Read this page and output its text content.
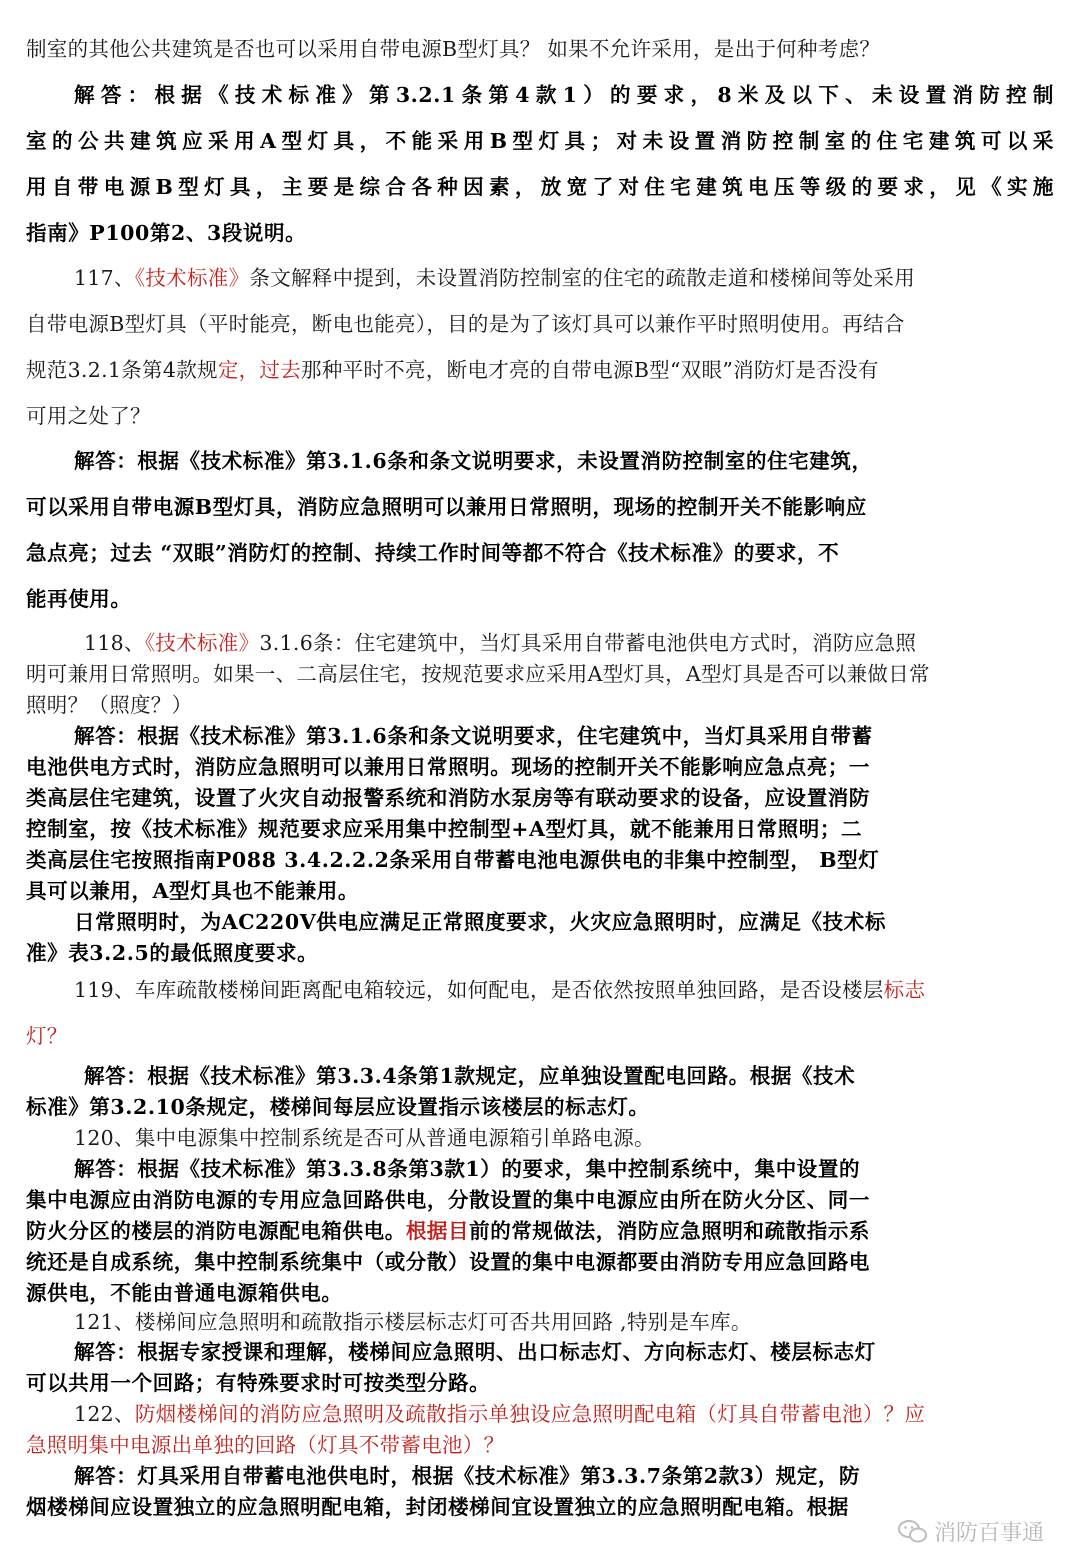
制室的其他公共建筑是否也可以采用自带电源B型灯具？ 如果不允许采用，是出于何种考虑？
解答：根据《技术标准》第3.2.1条第4款1）的要求，8米及以下、未设置消防控制
室的公共建筑应采用A型灯具，不能采用B型灯具；对未设置消防控制室的住宅建筑可以采
用自带电源B型灯具，主要是综合各种因素，放宽了对住宅建筑电压等级的要求，见《实施
指南》P100第2、3段说明。
117、《技术标准》条文解释中提到，未设置消防控制室的住宅的疏散走道和楼梯间等处采用
自带电源B型灯具（平时能亮，断电也能亮），目的是为了该灯具可以兼作平时照明使用。再结合
规范3.2.1条第4款规定，过去那种平时不亮，断电才亮的自带电源B型“双眼”消防灯是否没有
可用之处了？
解答：根据《技术标准》第3.1.6条和条文说明要求，未设置消防控制室的住宅建筑，
可以采用自带电源B型灯具，消防应急照明可以兼用日常照明，现场的控制开关不能影响应
急点亮；过去 “双眼”消防灯的控制、持续工作时间等都不符合《技术标准》的要求，不
能再使用。
118、《技术标准》3.1.6条：住宅建筑中，当灯具采用自带蓄电池供电方式时，消防应急照
明可兼用日常照明。如果一、二高层住宅，按规范要求应采用A型灯具，A型灯具是否可以兼做日常
照明？（照度？）
解答：根据《技术标准》第3.1.6条和条文说明要求，住宅建筑中，当灯具采用自带蓄
电池供电方式时，消防应急照明可以兼用日常照明。现场的控制开关不能影响应急点亮；一
类高层住宅建筑，设置了火灾自动报警系统和消防水泵房等有联动要求的设备，应设置消防
控制室，按《技术标准》规范要求应采用集中控制型+A型灯具，就不能兼用日常照明；二
类高层住宅按照指南P088 3.4.2.2.2条采用自带蓄电池电源供电的非集中控制型， B型灯
具可以兼用，A型灯具也不能兼用。
日常照明时，为AC220V供电应满足正常照度要求，火灾应急照明时，应满足《技术标
准》表3.2.5的最低照度要求。
119、车库疏散楼梯间距离配电箱较远，如何配电，是否依然按照单独回路，是否设楼层标志
灯？
解答：根据《技术标准》第3.3.4条第1款规定，应单独设置配电回路。根据《技术
标准》第3.2.10条规定，楼梯间每层应设置指示该楼层的标志灯。
120、集中电源集中控制系统是否可从普通电源箱引单路电源。
解答：根据《技术标准》第3.3.8条第3款1）的要求，集中控制系统中，集中设置的
集中电源应由消防电源的专用应急回路供电，分散设置的集中电源应由所在防火分区、同一
防火分区的楼层的消防电源配电箱供电。根据目前的常规做法，消防应急照明和疏散指示系
统还是自成系统，集中控制系统集中（或分散）设置的集中电源都要由消防专用应急回路电
源供电，不能由普通电源箱供电。
121、楼梯间应急照明和疏散指示楼层标志灯可否共用回路 ,特别是车库。
解答：根据专家授课和理解，楼梯间应急照明、出口标志灯、方向标志灯、楼层标志灯
可以共用一个回路；有特殊要求时可按类型分路。
122、防烟楼梯间的消防应急照明及疏散指示单独设应急照明配电箱（灯具自带蓄电池）？应
急照明集中电源出单独的回路（灯具不带蓄电池）？
解答：灯具采用自带蓄电池供电时，根据《技术标准》第3.3.7条第2款3）规定，防
烟楼梯间应设置独立的应急照明配电箱，封闭楼梯间宜设置独立的应急照明配电箱。根据
消防百事通
